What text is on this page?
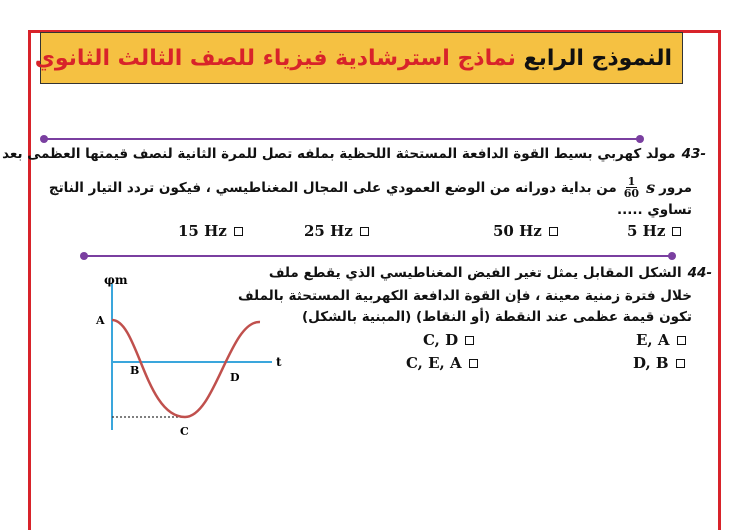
النموذج الرابع نماذج استرشادية فيزياء للصف الثالث الثانوي
-43مولد كهربي بسيط القوة الدافعة المستحثة اللحظية بملفه تصل للمرة الثانية لنصف قيمتها العظمى بعد
مرور
s
$\frac{1}{60}$
من بداية دورانه من الوضع العمودي على المجال المغناطيسي ، فيكون تردد التيار الناتج
تساوي .....
5 Hz
50 Hz
25 Hz
15 Hz
-44الشكل المقابل يمثل تغير الفيض المغناطيسي الذي يقطع ملف
خلال فترة زمنية معينة ، فإن القوة الدافعة الكهربية المستحثة بالملف
تكون قيمة عظمى عند النقطة (أو النقاط) (المبنية بالشكل)
E, A
C, D
D, B
C, E, A
φm
t
A
B
C
D
